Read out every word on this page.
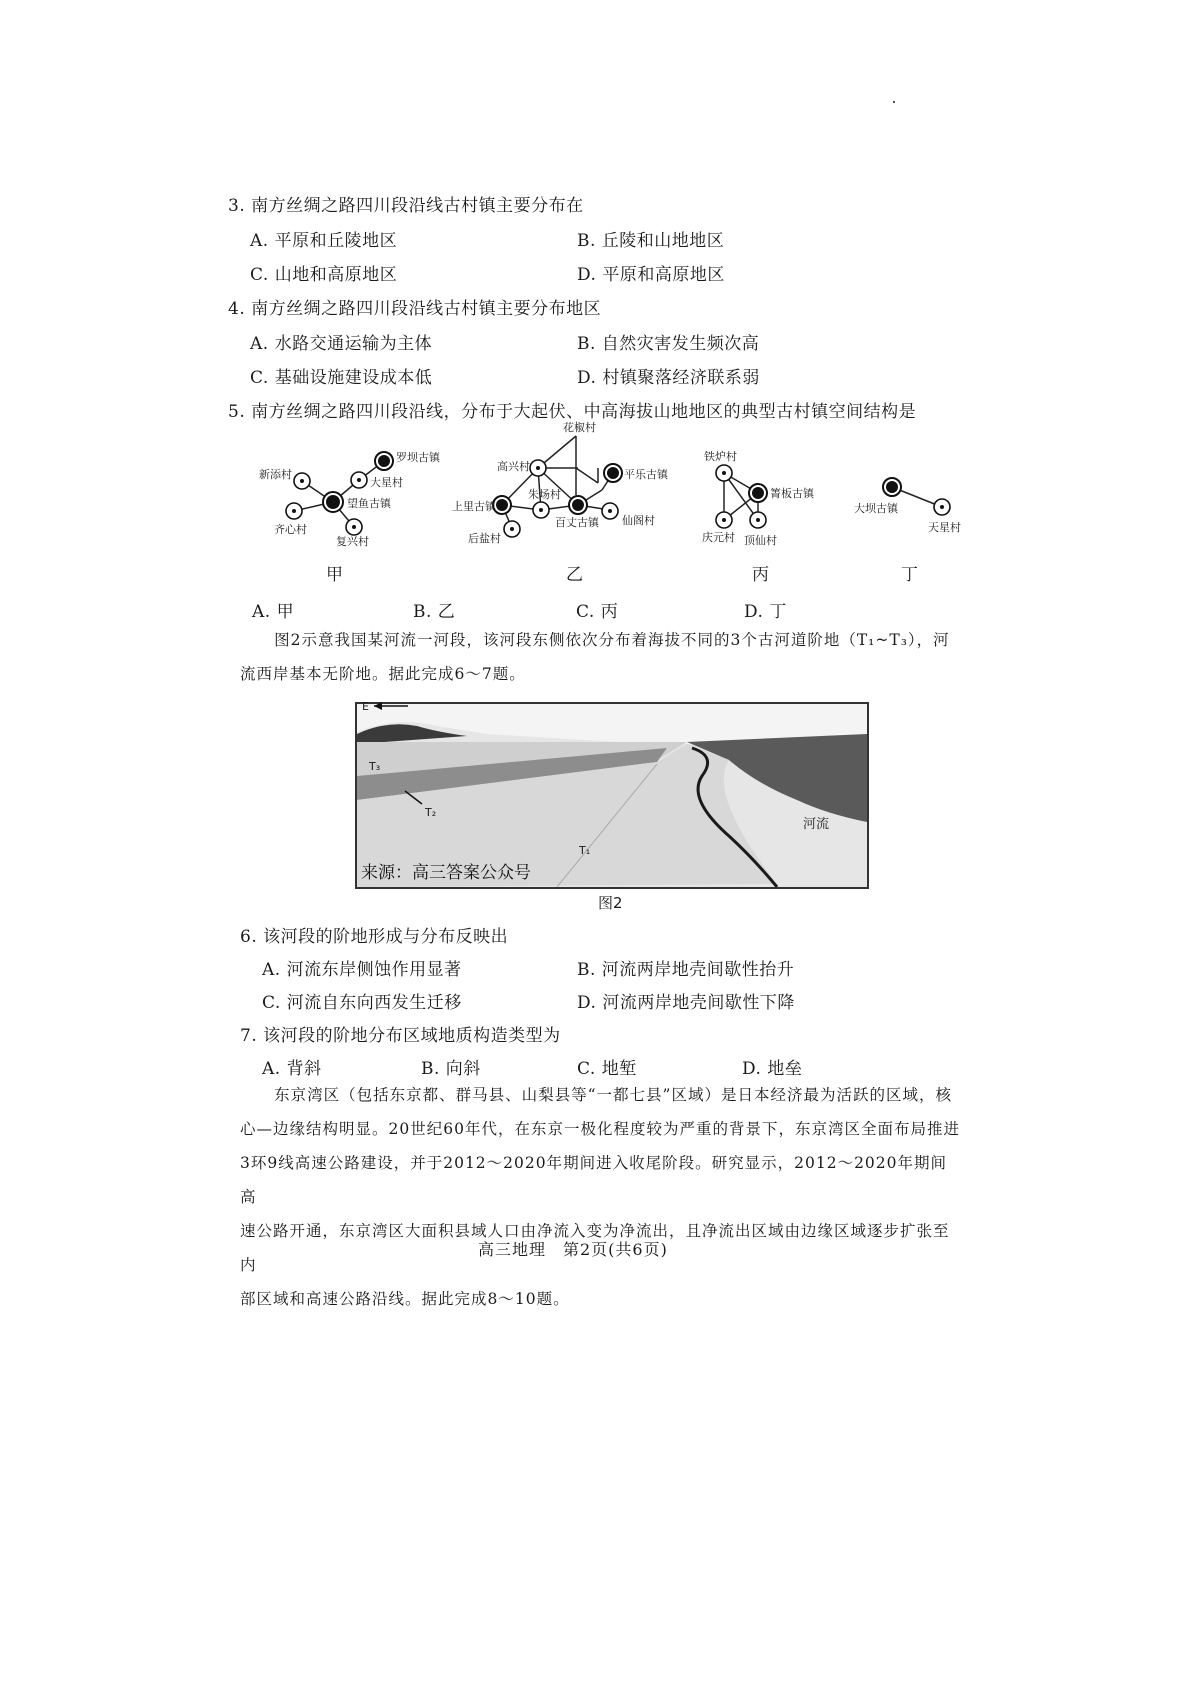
3. 南方丝绸之路四川段沿线古村镇主要分布在
A. 平原和丘陵地区	B. 丘陵和山地地区
C. 山地和高原地区	D. 平原和高原地区
4. 南方丝绸之路四川段沿线古村镇主要分布地区
A. 水路交通运输为主体	B. 自然灾害发生频次高
C. 基础设施建设成本低	D. 村镇聚落经济联系弱
5. 南方丝绸之路四川段沿线，分布于大起伏、中高海拔山地地区的典型古村镇空间结构是
罗坝古镇
新添村
大星村
望鱼古镇
齐心村
复兴村
甲
花椒村
高兴村
平乐古镇
上里古镇
朱场村
百丈古镇 仙阁村
后盐村
乙
铁炉村
箐板古镇
庆元村 顶仙村
丙
大坝古镇
天星村
丁
A. 甲	B. 乙	C. 丙	D. 丁

图2示意我国某河流一河段，该河段东侧依次分布着海拔不同的3个古河道阶地（T₁~T₃），河

流西岸基本无阶地。据此完成6～7题。
T₃
T₂
T₁
河流
E
来源：高三答案公众号
图2
6. 该河段的阶地形成与分布反映出
A. 河流东岸侧蚀作用显著	B. 河流两岸地壳间歇性抬升
C. 河流自东向西发生迁移	D. 河流两岸地壳间歇性下降
7. 该河段的阶地分布区域地质构造类型为
A. 背斜	B. 向斜	C. 地堑	D. 地垒

东京湾区（包括东京都、群马县、山梨县等“一都七县”区域）是日本经济最为活跃的区域，核

心—边缘结构明显。20世纪60年代，在东京一极化程度较为严重的背景下，东京湾区全面布局推进
3环9线高速公路建设，并于2012～2020年期间进入收尾阶段。研究显示，2012～2020年期间高
速公路开通，东京湾区大面积县域人口由净流入变为净流出，且净流出区域由边缘区域逐步扩张至内
部区域和高速公路沿线。据此完成8～10题。
高三地理　第2页(共6页)
